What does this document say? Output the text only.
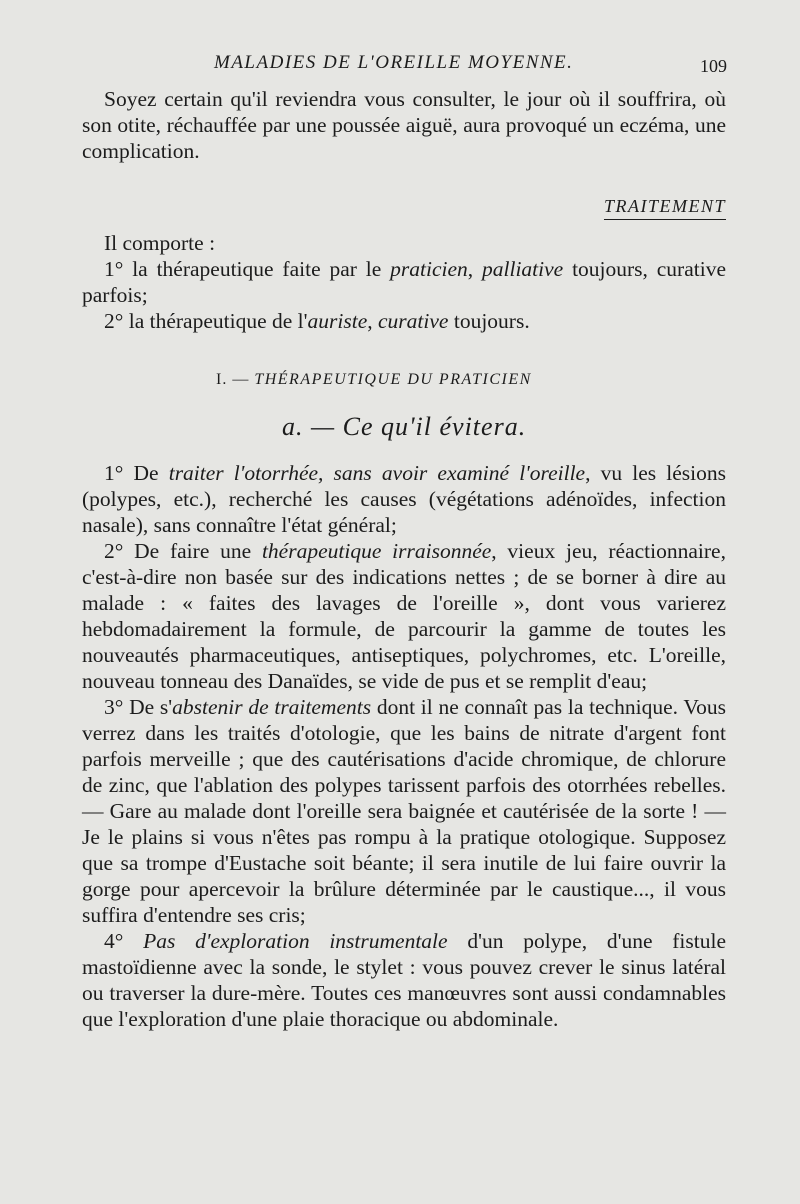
MALADIES DE L'OREILLE MOYENNE.	109

Soyez certain qu'il reviendra vous consulter, le jour où il souffrira, où son otite, réchauffée par une poussée aiguë, aura provoqué un eczéma, une complication.

TRAITEMENT

Il comporte :

1° la thérapeutique faite par le praticien, palliative toujours, curative parfois;

2° la thérapeutique de l'auriste, curative toujours.

I. — THÉRAPEUTIQUE DU PRATICIEN
a. — Ce qu'il évitera.

1° De traiter l'otorrhée, sans avoir examiné l'oreille, vu les lésions (polypes, etc.), recherché les causes (végétations adénoïdes, infection nasale), sans connaître l'état général;

2° De faire une thérapeutique irraisonnée, vieux jeu, réactionnaire, c'est-à-dire non basée sur des indications nettes ; de se borner à dire au malade : « faites des lavages de l'oreille », dont vous varierez hebdomadairement la formule, de parcourir la gamme de toutes les nouveautés pharmaceutiques, antiseptiques, polychromes, etc. L'oreille, nouveau tonneau des Danaïdes, se vide de pus et se remplit d'eau;

3° De s'abstenir de traitements dont il ne connaît pas la technique. Vous verrez dans les traités d'otologie, que les bains de nitrate d'argent font parfois merveille ; que des cautérisations d'acide chromique, de chlorure de zinc, que l'ablation des polypes tarissent parfois des otorrhées rebelles. — Gare au malade dont l'oreille sera baignée et cautérisée de la sorte ! — Je le plains si vous n'êtes pas rompu à la pratique otologique. Supposez que sa trompe d'Eustache soit béante; il sera inutile de lui faire ouvrir la gorge pour apercevoir la brûlure déterminée par le caustique..., il vous suffira d'entendre ses cris;

4° Pas d'exploration instrumentale d'un polype, d'une fistule mastoïdienne avec la sonde, le stylet : vous pouvez crever le sinus latéral ou traverser la dure-mère. Toutes ces manœuvres sont aussi condamnables que l'exploration d'une plaie thoracique ou abdominale.
